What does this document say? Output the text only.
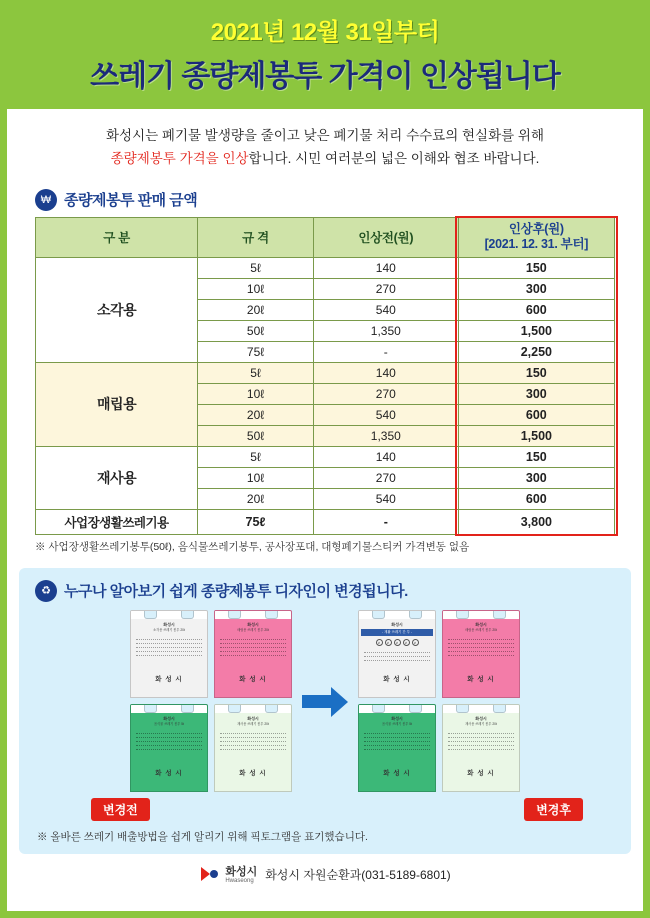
2021년 12월 31일부터
쓰레기 종량제봉투 가격이 인상됩니다
화성시는 폐기물 발생량을 줄이고 낮은 폐기물 처리 수수료의 현실화를 위해
종량제봉투 가격을 인상합니다. 시민 여러분의 넓은 이해와 협조 바랍니다.
₩ 종량제봉투 판매 금액
구 분	규 격	인상전(원)	인상후(원)
[2021. 12. 31. 부터]

소각용	5ℓ	140	150
	10ℓ	270	300
	20ℓ	540	600
	50ℓ	1,350	1,500
	75ℓ	-	2,250
매립용	5ℓ	140	150
	10ℓ	270	300
	20ℓ	540	600
	50ℓ	1,350	1,500
재사용	5ℓ	140	150
	10ℓ	270	300
	20ℓ	540	600
사업장생활쓰레기용	75ℓ	-	3,800
※ 사업장생활쓰레기봉투(50ℓ), 음식물쓰레기봉투, 공사장포대, 대형폐기물스티커 가격변동 없음
♻ 누구나 알아보기 쉽게 종량제봉투 디자인이 변경됩니다.
화성시
소각용 쓰레기 봉투 20ℓ
화 성 시
화성시
매립용 쓰레기 봉투 20ℓ
화 성 시
화성시
음식물 쓰레기 봉투 5ℓ
화 성 시
화성시
재사용 쓰레기 봉투 20ℓ
화 성 시
화성시
- 재활 쓰레기 간 투 -
✗	✗	✗	✗	✗
화 성 시
화성시
매립용 쓰레기 봉투 20ℓ
화 성 시
화성시
음식물 쓰레기 봉투 5ℓ
화 성 시
화성시
재사용 쓰레기 봉투 20ℓ
화 성 시
변경전	변경후
※ 올바른 쓰레기 배출방법을 쉽게 알리기 위해 픽토그램을 표기했습니다.
화성시
Hwaseong 화성시 자원순환과(031-5189-6801)
